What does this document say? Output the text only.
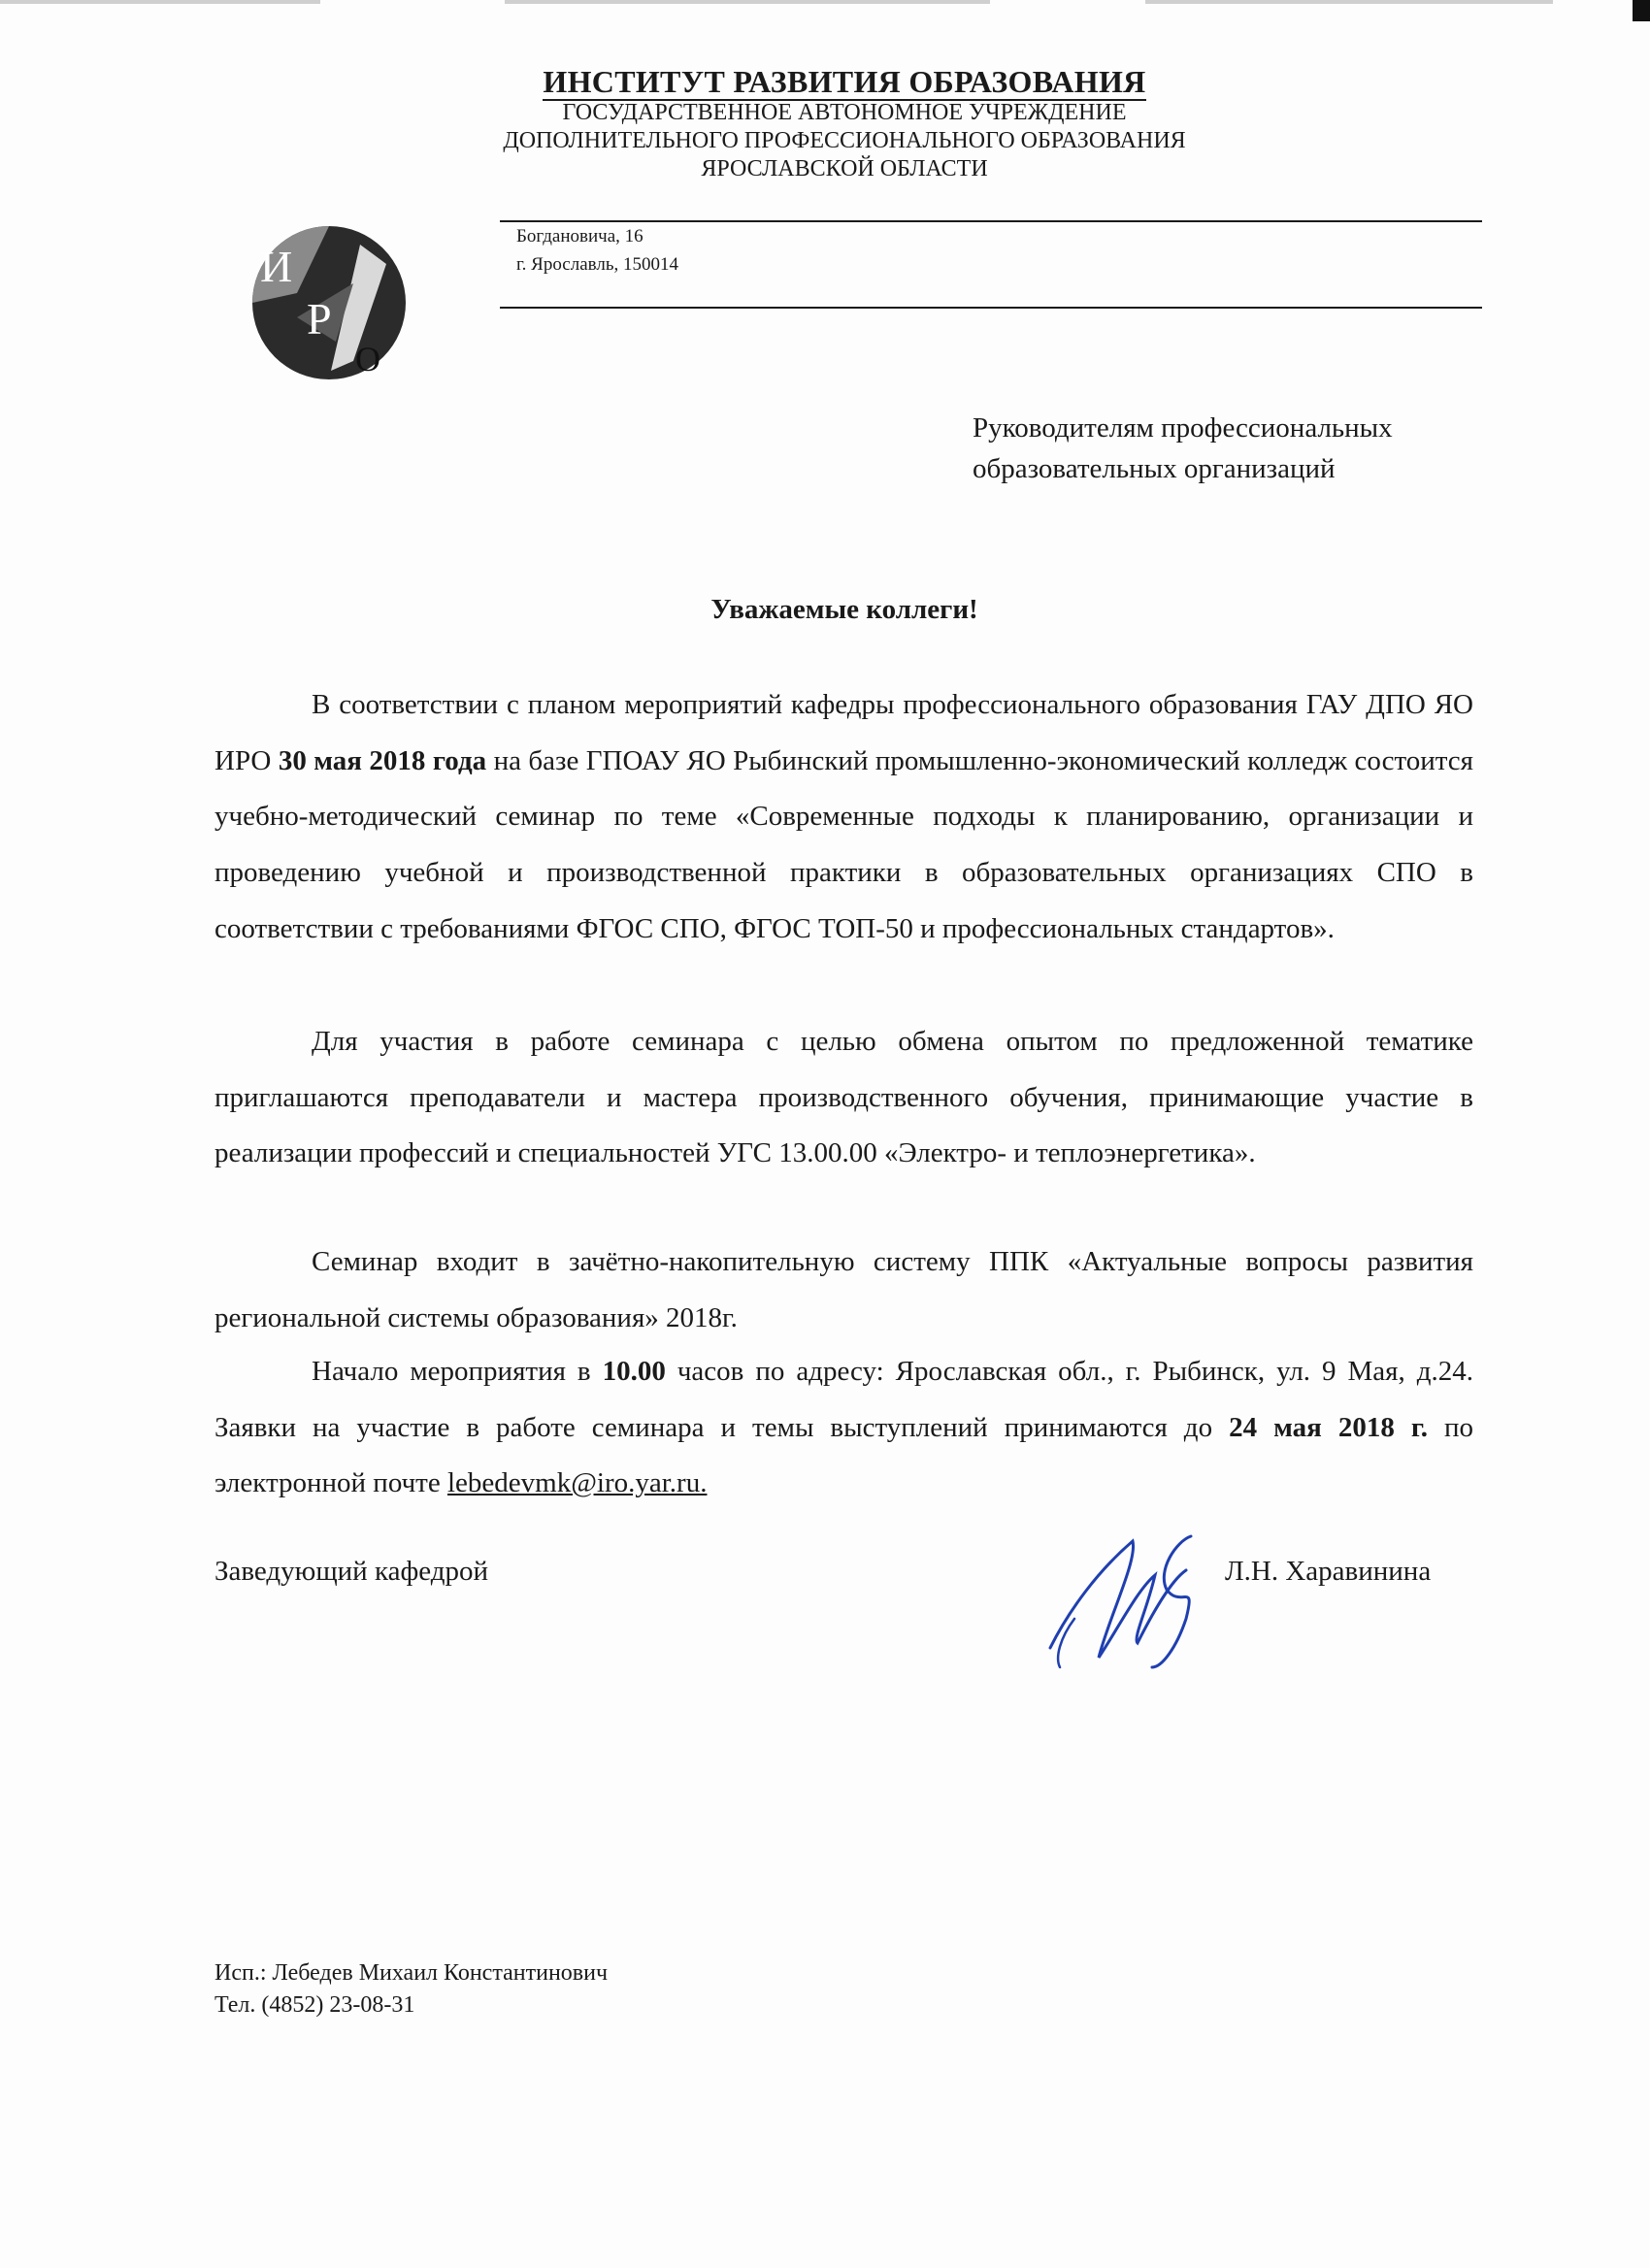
ИНСТИТУТ РАЗВИТИЯ ОБРАЗОВАНИЯ
ГОСУДАРСТВЕННОЕ АВТОНОМНОЕ УЧРЕЖДЕНИЕ
ДОПОЛНИТЕЛЬНОГО ПРОФЕССИОНАЛЬНОГО ОБРАЗОВАНИЯ
ЯРОСЛАВСКОЙ ОБЛАСТИ
И
Р
О
Богдановича, 16
г. Ярославль, 150014
Руководителям профессиональных
образовательных организаций
Уважаемые коллеги!

В соответствии с планом мероприятий кафедры профессионального образования ГАУ ДПО ЯО ИРО 30 мая 2018 года на базе ГПОАУ ЯО Рыбинский промышленно-экономический колледж состоится учебно-методический семинар по теме «Современные подходы к планированию, организации и проведению учебной и производственной практики в образовательных организациях СПО в соответствии с требованиями ФГОС СПО, ФГОС ТОП-50 и профессиональных стандартов».

Для участия в работе семинара с целью обмена опытом по предложенной тематике приглашаются преподаватели и мастера производственного обучения, принимающие участие в реализации профессий и специальностей УГС 13.00.00 «Электро- и теплоэнергетика».

Семинар входит в зачётно-накопительную систему ППК «Актуальные вопросы развития региональной системы образования» 2018г.

Начало мероприятия в 10.00 часов по адресу: Ярославская обл., г. Рыбинск, ул. 9 Мая, д.24. Заявки на участие в работе семинара и темы выступлений принимаются до 24 мая 2018 г. по электронной почте lebedevmk@iro.yar.ru.

Заведующий кафедрой	Л.Н. Харавинина
Исп.: Лебедев Михаил Константинович
Тел. (4852) 23-08-31
